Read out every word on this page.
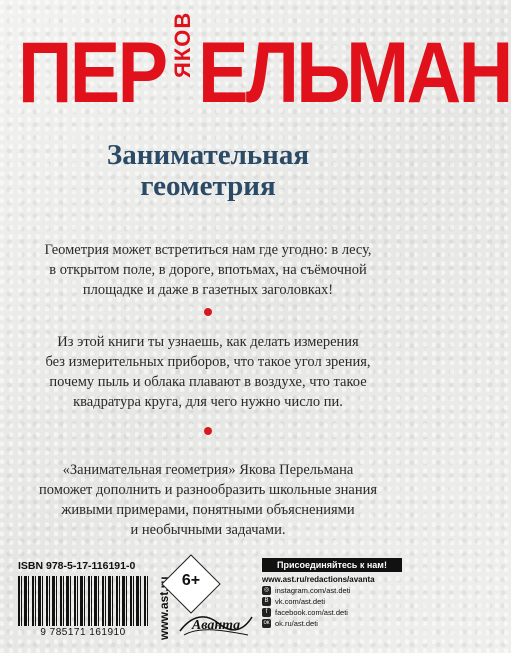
ПЕР ЯКОВ ЕЛЬМАН
Занимательная
геометрия
Геометрия может встретиться нам где угодно: в лесу,
в открытом поле, в дороге, впотьмах, на съёмочной
площадке и даже в газетных заголовках!
Из этой книги ты узнаешь, как делать измерения
без измерительных приборов, что такое угол зрения,
почему пыль и облака плавают в воздухе, что такое
квадратура круга, для чего нужно число пи.
«Занимательная геометрия» Якова Перельмана
поможет дополнить и разнообразить школьные знания
живыми примерами, понятными объяснениями
и необычными задачами.
ISBN 978-5-17-116191-0
9 785171 161910	www.ast.ru 6+
Аванта
Присоединяйтесь к нам!
www.ast.ru/redactions/avanta
◎ instagram.com/ast.deti
В vk.com/ast.deti
f	facebook.com/ast.deti
ок ok.ru/ast.deti
